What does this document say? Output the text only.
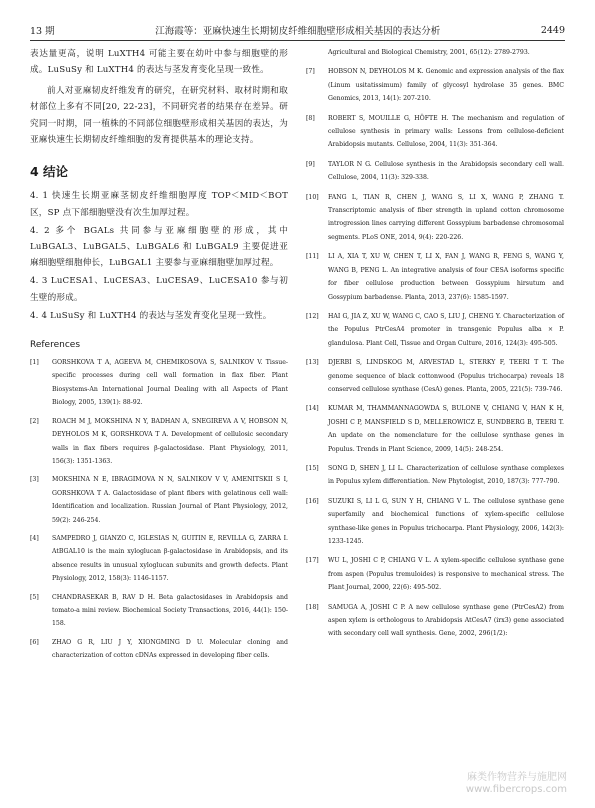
13 期	江海霞等：亚麻快速生长期韧皮纤维细胞壁形成相关基因的表达分析	2449

表达量更高，说明 LuXTH4 可能主要在幼叶中参与细胞壁的形成。LuSuSy 和 LuXTH4 的表达与茎发育变化呈现一致性。

前人对亚麻韧皮纤维发育的研究，在研究材料、取材时期和取材部位上多有不同[20, 22-23]，不同研究者的结果存在差异。研究同一时期，同一植株的不同部位细胞壁形成相关基因的表达，为亚麻快速生长期韧皮纤维细胞的发育提供基本的理论支持。

4 结论

4. 1 快速生长期亚麻茎韧皮纤维细胞厚度 TOP＜MID＜BOT 区，SP 点下部细胞壁没有次生加厚过程。

4. 2 多个 BGALs 共同参与亚麻细胞壁的形成，其中 LuBGAL3、LuBGAL5、LuBGAL6 和 LuBGAL9 主要促进亚麻细胞壁细胞伸长，LuBGAL1 主要参与亚麻细胞壁加厚过程。

4. 3 LuCESA1、LuCESA3、LuCESA9、LuCESA10 参与初生壁的形成。

4. 4 LuSuSy 和 LuXTH4 的表达与茎发育变化呈现一致性。

References
[1]	GORSHKOVA T A, AGEEVA M, CHEMIKOSOVA S, SALNIKOV V. Tissue-specific processes during cell wall formation in flax fiber. Plant Biosystems-An International Journal Dealing with all Aspects of Plant Biology, 2005, 139(1): 88-92.
[2]	ROACH M J, MOKSHINA N Y, BADHAN A, SNEGIREVA A V, HOBSON N, DEYHOLOS M K, GORSHKOVA T A. Development of cellulosic secondary walls in flax fibers requires β-galactosidase. Plant Physiology, 2011, 156(3): 1351-1363.
[3]	MOKSHINA N E, IBRAGIMOVA N N, SALNIKOV V V, AMENITSKII S I, GORSHKOVA T A. Galactosidase of plant fibers with gelatinous cell wall: Identification and localization. Russian Journal of Plant Physiology, 2012, 59(2): 246-254.
[4]	SAMPEDRO J, GIANZO C, IGLESIAS N, GUITIN E, REVILLA G, ZARRA I. AtBGAL10 is the main xyloglucan β-galactosidase in Arabidopsis, and its absence results in unusual xyloglucan subunits and growth defects. Plant Physiology, 2012, 158(3): 1146-1157.
[5]	CHANDRASEKAR B, RAV D H. Beta galactosidases in Arabidopsis and tomato-a mini review. Biochemical Society Transactions, 2016, 44(1): 150-158.
[6]	ZHAO G R, LIU J Y, XIONGMING D U. Molecular cloning and characterization of cotton cDNAs expressed in developing fiber cells.
Agricultural and Biological Chemistry, 2001, 65(12): 2789-2793.
[7]	HOBSON N, DEYHOLOS M K. Genomic and expression analysis of the flax (Linum usitatissimum) family of glycosyl hydrolase 35 genes. BMC Genomics, 2013, 14(1): 207-210.
[8]	ROBERT S, MOUILLE G, HÖFTE H. The mechanism and regulation of cellulose synthesis in primary walls: Lessons from cellulose-deficient Arabidopsis mutants. Cellulose, 2004, 11(3): 351-364.
[9]	TAYLOR N G. Cellulose synthesis in the Arabidopsis secondary cell wall. Cellulose, 2004, 11(3): 329-338.
[10]	FANG L, TIAN R, CHEN J, WANG S, LI X, WANG P, ZHANG T. Transcriptomic analysis of fiber strength in upland cotton chromosome introgression lines carrying different Gossypium barbadense chromosomal segments. PLoS ONE, 2014, 9(4): 220-226.
[11]	LI A, XIA T, XU W, CHEN T, LI X, FAN J, WANG R, FENG S, WANG Y, WANG B, PENG L. An integrative analysis of four CESA isoforms specific for fiber cellulose production between Gossypium hirsutum and Gossypium barbadense. Planta, 2013, 237(6): 1585-1597.
[12]	HAI G, JIA Z, XU W, WANG C, CAO S, LIU J, CHENG Y. Characterization of the Populus PtrCesA4 promoter in transgenic Populus alba × P. glandulosa. Plant Cell, Tissue and Organ Culture, 2016, 124(3): 495-505.
[13]	DJERBI S, LINDSKOG M, ARVESTAD L, STERKY F, TEERI T T. The genome sequence of black cottonwood (Populus trichocarpa) reveals 18 conserved cellulose synthase (CesA) genes. Planta, 2005, 221(5): 739-746.
[14]	KUMAR M, THAMMANNAGOWDA S, BULONE V, CHIANG V, HAN K H, JOSHI C P, MANSFIELD S D, MELLEROWICZ E, SUNDBERG B, TEERI T. An update on the nomenclature for the cellulose synthase genes in Populus. Trends in Plant Science, 2009, 14(5): 248-254.
[15]	SONG D, SHEN J, LI L. Characterization of cellulose synthase complexes in Populus xylem differentiation. New Phytologist, 2010, 187(3): 777-790.
[16]	SUZUKI S, LI L G, SUN Y H, CHIANG V L. The cellulose synthase gene superfamily and biochemical functions of xylem-specific cellulose synthase-like genes in Populus trichocarpa. Plant Physiology, 2006, 142(3): 1233-1245.
[17]	WU L, JOSHI C P, CHIANG V L. A xylem-specific cellulose synthase gene from aspen (Populus tremuloides) is responsive to mechanical stress. The Plant Journal, 2000, 22(6): 495-502.
[18]	SAMUGA A, JOSHI C P. A new cellulose synthase gene (PtrCesA2) from aspen xylem is orthologous to Arabidopsis AtCesA7 (irx3) gene associated with secondary cell wall synthesis. Gene, 2002, 296(1/2):
麻类作物营养与施肥网
www.fibercrops.com
